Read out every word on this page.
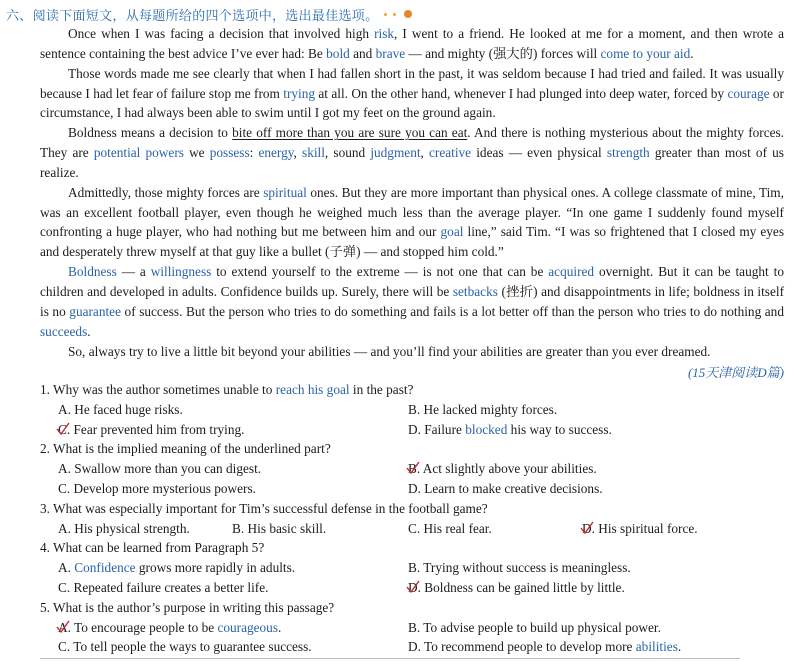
六、阅读下面短文，从每题所给的四个选项中，选出最佳选项。

Once when I was facing a decision that involved high risk, I went to a friend. He looked at me for a moment, and then wrote a sentence containing the best advice I’ve ever had: Be bold and brave — and mighty (强大的) forces will come to your aid.

Those words made me see clearly that when I had fallen short in the past, it was seldom because I had tried and failed. It was usually because I had let fear of failure stop me from trying at all. On the other hand, whenever I had plunged into deep water, forced by courage or circumstance, I had always been able to swim until I got my feet on the ground again.

Boldness means a decision to bite off more than you are sure you can eat. And there is nothing mysterious about the mighty forces. They are potential powers we possess: energy, skill, sound judgment, creative ideas — even physical strength greater than most of us realize.

Admittedly, those mighty forces are spiritual ones. But they are more important than physical ones. A college classmate of mine, Tim, was an excellent football player, even though he weighed much less than the average player. “In one game I suddenly found myself confronting a huge player, who had nothing but me between him and our goal line,” said Tim. “I was so frightened that I closed my eyes and desperately threw myself at that guy like a bullet (子弹) — and stopped him cold.”

Boldness — a willingness to extend yourself to the extreme — is not one that can be acquired overnight. But it can be taught to children and developed in adults. Confidence builds up. Surely, there will be setbacks (挫折) and disappointments in life; boldness in itself is no guarantee of success. But the person who tries to do something and fails is a lot better off than the person who tries to do nothing and succeeds.

So, always try to live a little bit beyond your abilities — and you’ll find your abilities are greater than you ever dreamed.

(15天津阅读D篇)
1. Why was the author sometimes unable to reach his goal in the past?
A. He faced huge risks.	B. He lacked mighty forces.
C. Fear prevented him from trying.	D. Failure blocked his way to success.
2. What is the implied meaning of the underlined part?
A. Swallow more than you can digest.	B. Act slightly above your abilities.
C. Develop more mysterious powers.	D. Learn to make creative decisions.
3. What was especially important for Tim’s successful defense in the football game?
A. His physical strength.	B. His basic skill.	C. His real fear.	D. His spiritual force.
4. What can be learned from Paragraph 5?
A. Confidence grows more rapidly in adults.	B. Trying without success is meaningless.
C. Repeated failure creates a better life.	D. Boldness can be gained little by little.
5. What is the author’s purpose in writing this passage?
A. To encourage people to be courageous.	B. To advise people to build up physical power.
C. To tell people the ways to guarantee success.	D. To recommend people to develop more abilities.
